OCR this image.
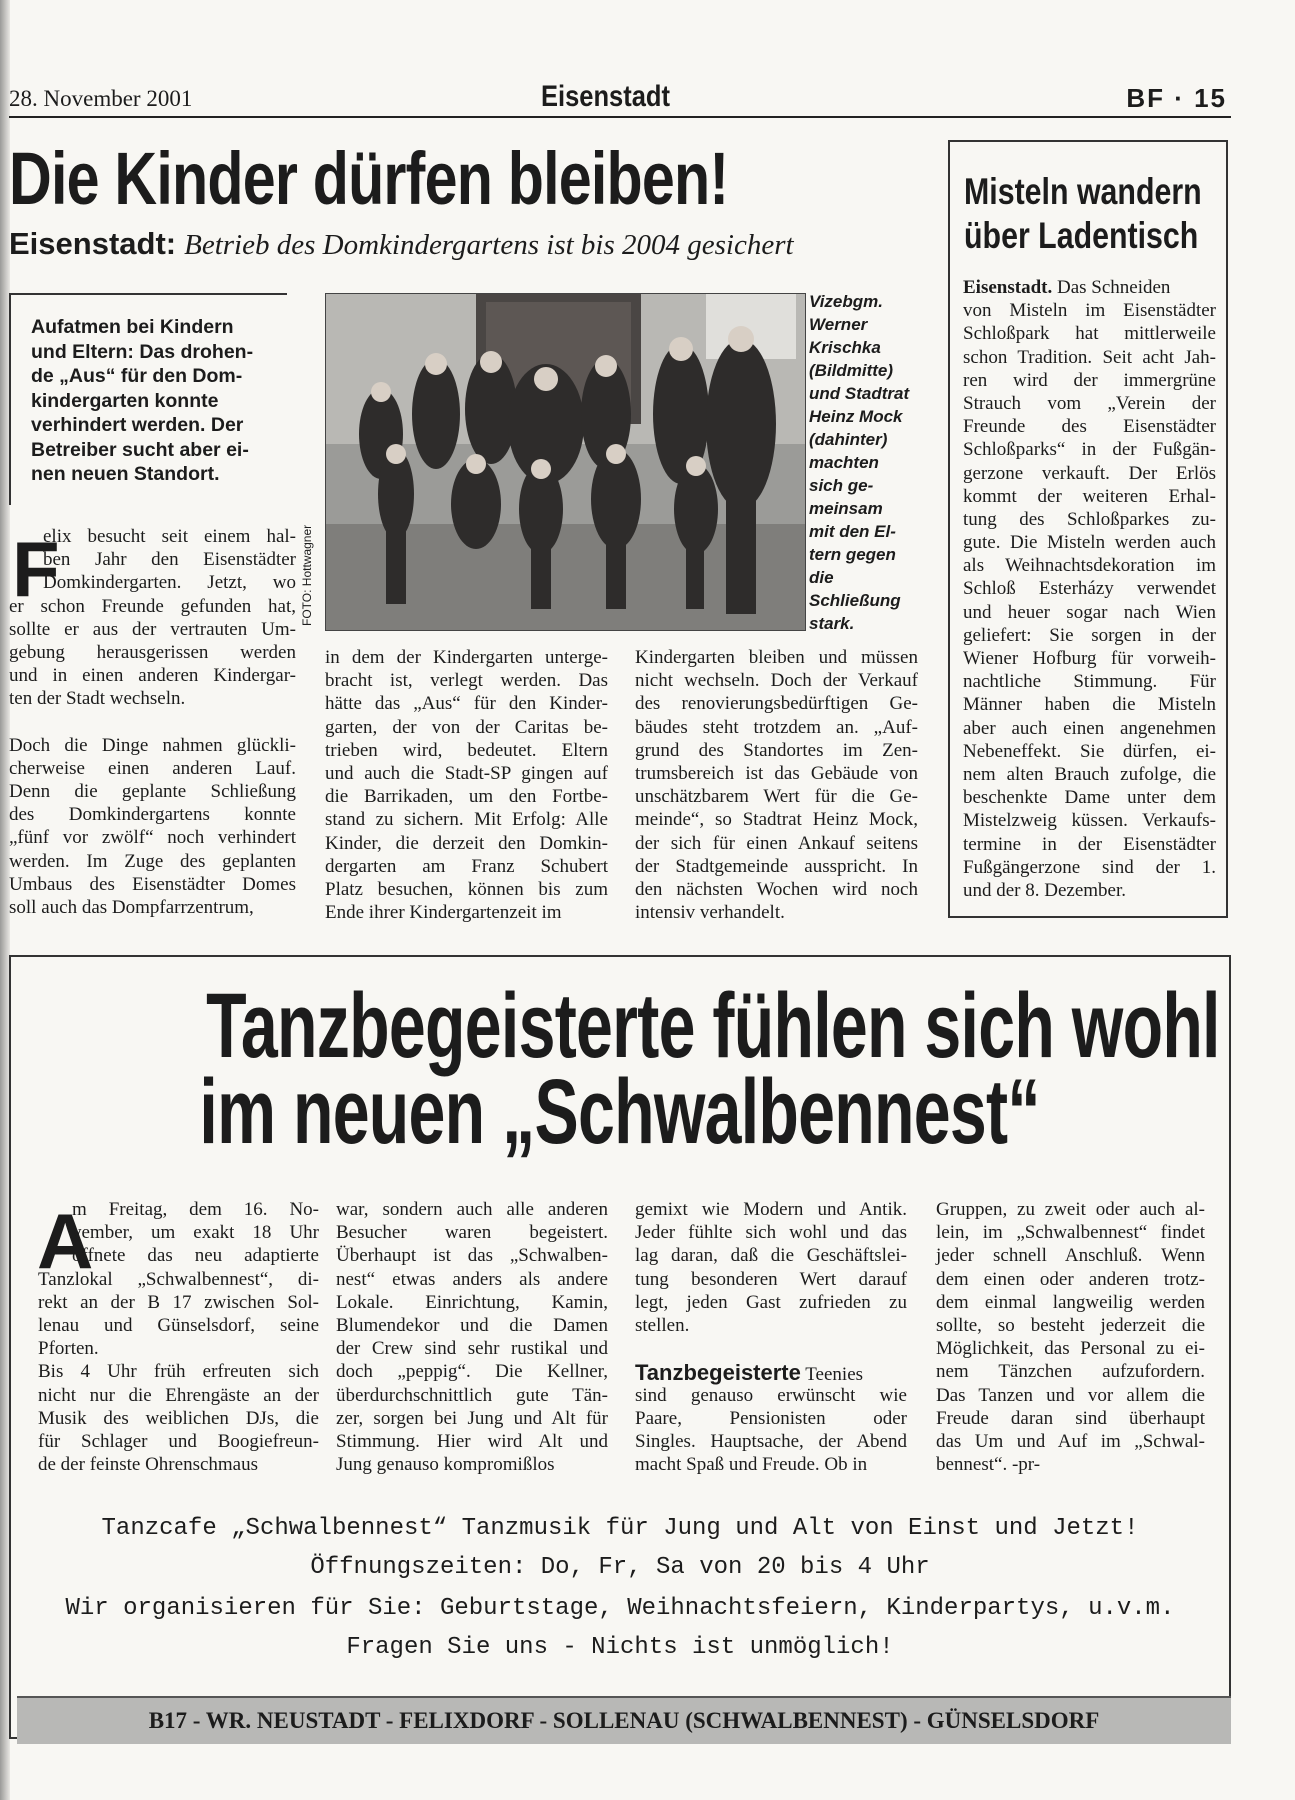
28. November 2001	Eisenstadt	BF · 15
Die Kinder dürfen bleiben!
Eisenstadt: Betrieb des Domkindergartens ist bis 2004 gesichert
Aufatmen bei Kindern
und Eltern: Das drohen-
de „Aus“ für den Dom-
kindergarten konnte
verhindert werden. Der
Betreiber sucht aber ei-
nen neuen Standort.
FOTO: Hottwagner
Vizebgm.
Werner
Krischka
(Bildmitte)
und Stadtrat
Heinz Mock
(dahinter)
machten
sich ge-
meinsam
mit den El-
tern gegen
die
Schließung
stark.
F
elix besucht seit einem hal-
ben Jahr den Eisenstädter
Domkindergarten. Jetzt, wo
er schon Freunde gefunden hat,
sollte er aus der vertrauten Um-
gebung herausgerissen werden
und in einen anderen Kindergar-
ten der Stadt wechseln.
Doch die Dinge nahmen glückli-
cherweise einen anderen Lauf.
Denn die geplante Schließung
des Domkindergartens konnte
„fünf vor zwölf“ noch verhindert
werden. Im Zuge des geplanten
Umbaus des Eisenstädter Domes
soll auch das Dompfarrzentrum,
in dem der Kindergarten unterge-
bracht ist, verlegt werden. Das
hätte das „Aus“ für den Kinder-
garten, der von der Caritas be-
trieben wird, bedeutet. Eltern
und auch die Stadt-SP gingen auf
die Barrikaden, um den Fortbe-
stand zu sichern. Mit Erfolg: Alle
Kinder, die derzeit den Domkin-
dergarten am Franz Schubert
Platz besuchen, können bis zum
Ende ihrer Kindergartenzeit im
Kindergarten bleiben und müssen
nicht wechseln. Doch der Verkauf
des renovierungsbedürftigen Ge-
bäudes steht trotzdem an. „Auf-
grund des Standortes im Zen-
trumsbereich ist das Gebäude von
unschätzbarem Wert für die Ge-
meinde“, so Stadtrat Heinz Mock,
der sich für einen Ankauf seitens
der Stadtgemeinde ausspricht. In
den nächsten Wochen wird noch
intensiv verhandelt.
Misteln wandern
über Ladentisch
Eisenstadt. Das Schneiden
von Misteln im Eisenstädter
Schloßpark hat mittlerweile
schon Tradition. Seit acht Jah-
ren wird der immergrüne
Strauch vom „Verein der
Freunde des Eisenstädter
Schloßparks“ in der Fußgän-
gerzone verkauft. Der Erlös
kommt der weiteren Erhal-
tung des Schloßparkes zu-
gute. Die Misteln werden auch
als Weihnachtsdekoration im
Schloß Esterházy verwendet
und heuer sogar nach Wien
geliefert: Sie sorgen in der
Wiener Hofburg für vorweih-
nachtliche Stimmung. Für
Männer haben die Misteln
aber auch einen angenehmen
Nebeneffekt. Sie dürfen, ei-
nem alten Brauch zufolge, die
beschenkte Dame unter dem
Mistelzweig küssen. Verkaufs-
termine in der Eisenstädter
Fußgängerzone sind der 1.
und der 8. Dezember.
Tanzbegeisterte fühlen sich wohl
im neuen „Schwalbennest“
A
m Freitag, dem 16. No-
vember, um exakt 18 Uhr
öffnete das neu adaptierte
Tanzlokal „Schwalbennest“, di-
rekt an der B 17 zwischen Sol-
lenau und Günselsdorf, seine
Pforten.
Bis 4 Uhr früh erfreuten sich
nicht nur die Ehrengäste an der
Musik des weiblichen DJs, die
für Schlager und Boogiefreun-
de der feinste Ohrenschmaus
war, sondern auch alle anderen
Besucher waren begeistert.
Überhaupt ist das „Schwalben-
nest“ etwas anders als andere
Lokale. Einrichtung, Kamin,
Blumendekor und die Damen
der Crew sind sehr rustikal und
doch „peppig“. Die Kellner,
überdurchschnittlich gute Tän-
zer, sorgen bei Jung und Alt für
Stimmung. Hier wird Alt und
Jung genauso kompromißlos
gemixt wie Modern und Antik.
Jeder fühlte sich wohl und das
lag daran, daß die Geschäftslei-
tung besonderen Wert darauf
legt, jeden Gast zufrieden zu
stellen.
Tanzbegeisterte Teenies
sind genauso erwünscht wie
Paare, Pensionisten oder
Singles. Hauptsache, der Abend
macht Spaß und Freude. Ob in
Gruppen, zu zweit oder auch al-
lein, im „Schwalbennest“ findet
jeder schnell Anschluß. Wenn
dem einen oder anderen trotz-
dem einmal langweilig werden
sollte, so besteht jederzeit die
Möglichkeit, das Personal zu ei-
nem Tänzchen aufzufordern.
Das Tanzen und vor allem die
Freude daran sind überhaupt
das Um und Auf im „Schwal-
bennest“. -pr-
Tanzcafe „Schwalbennest“ Tanzmusik für Jung und Alt von Einst und Jetzt!
Öffnungszeiten: Do, Fr, Sa von 20 bis 4 Uhr
Wir organisieren für Sie: Geburtstage, Weihnachtsfeiern, Kinderpartys, u.v.m.
Fragen Sie uns - Nichts ist unmöglich!
B17 - WR. NEUSTADT - FELIXDORF - SOLLENAU (SCHWALBENNEST) - GÜNSELSDORF
